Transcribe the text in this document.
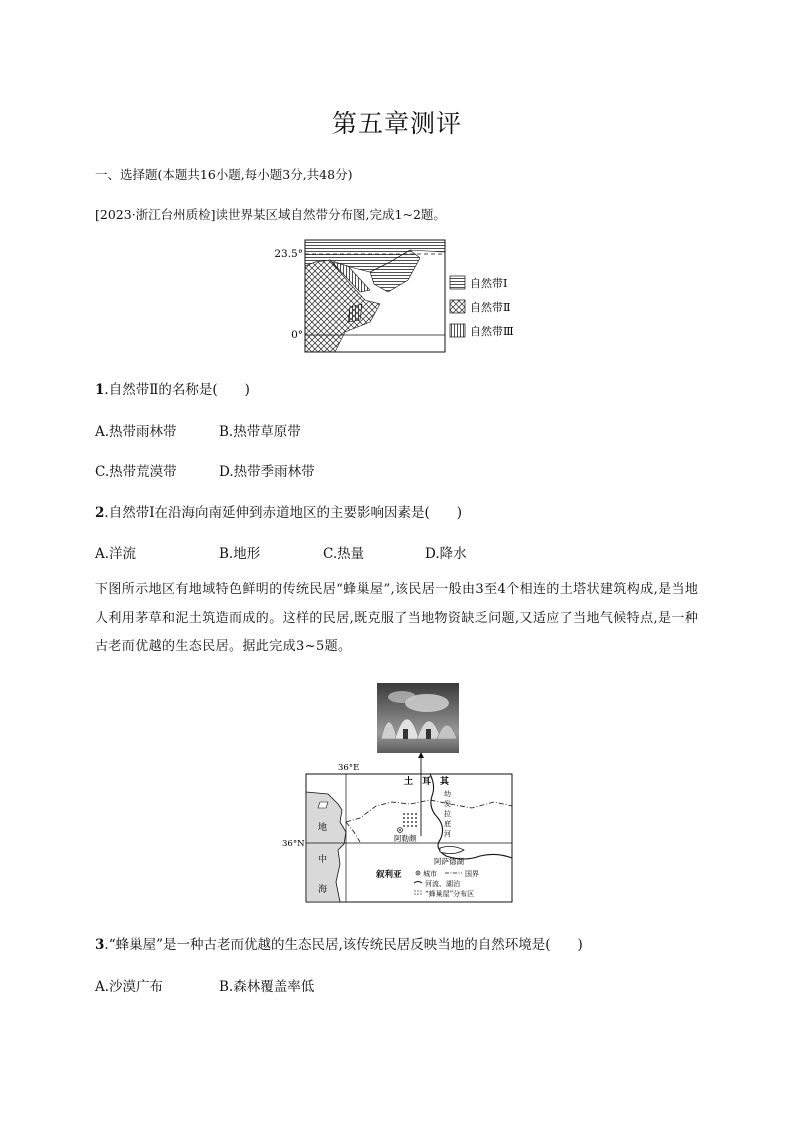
第五章测评
一、选择题(本题共16小题,每小题3分,共48分)
[2023·浙江台州质检]读世界某区域自然带分布图,完成1~2题。
23.5°
0°
自然带Ⅰ
自然带Ⅱ
自然带Ⅲ
1.自然带Ⅱ的名称是(　　)
A.热带雨林带	B.热带草原带
C.热带荒漠带	D.热带季雨林带
2.自然带Ⅰ在沿海向南延伸到赤道地区的主要影响因素是(　　)
A.洋流	B.地形	C.热量	D.降水
下图所示地区有地域特色鲜明的传统民居“蜂巢屋”,该民居一般由3至4个相连的土塔状建筑构成,是当地人利用茅草和泥土筑造而成的。这样的民居,既克服了当地物资缺乏问题,又适应了当地气候特点,是一种古老而优越的生态民居。据此完成3~5题。
36°E
36°N
土　耳　其
地
中
海
叙利亚
阿勒颇
幼
发
拉
底
河
阿萨德湖
城市	国界
河流、湖泊
“蜂巢屋”分布区
3.“蜂巢屋”是一种古老而优越的生态民居,该传统民居反映当地的自然环境是(　　)
A.沙漠广布	B.森林覆盖率低
